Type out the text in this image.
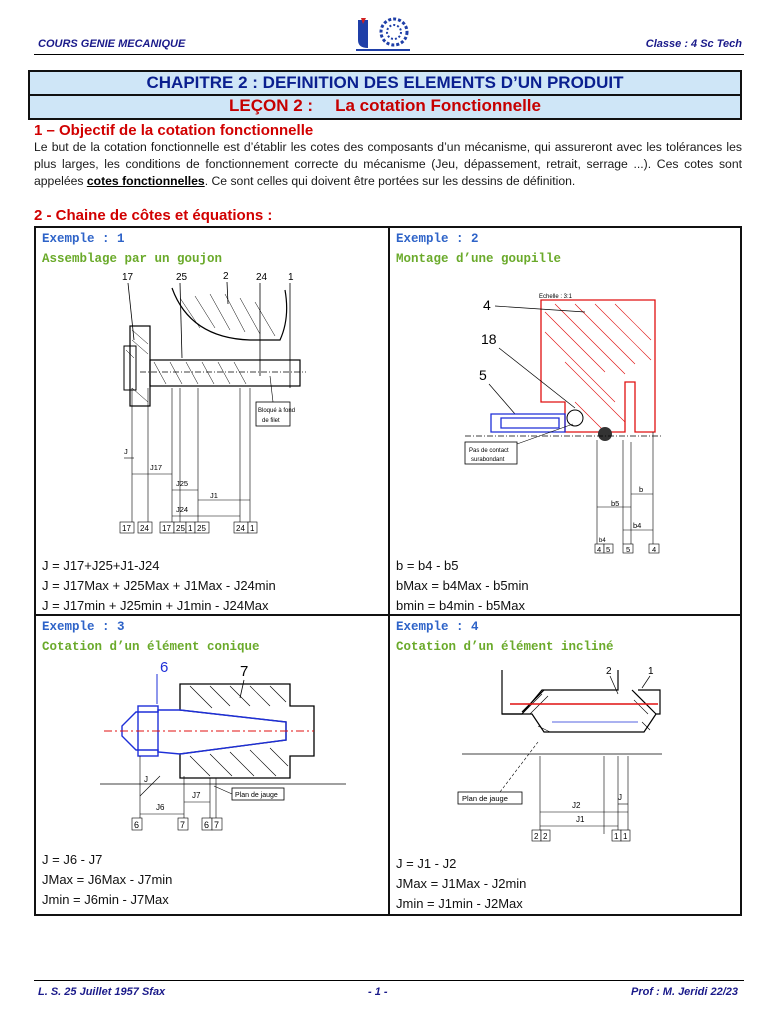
COURS GENIE MECANIQUE	Classe : 4 Sc Tech
CHAPITRE 2 : DEFINITION DES ELEMENTS D’UN PRODUIT
LEÇON 2 : La cotation Fonctionnelle
1 – Objectif de la cotation fonctionnelle
Le but de la cotation fonctionnelle est d’établir les cotes des composants d’un mécanisme, qui assureront avec les tolérances les plus larges, les conditions de fonctionnement correcte du mécanisme (Jeu, dépassement, retrait, serrage ...). Ces cotes sont appelées cotes fonctionnelles. Ce sont celles qui doivent être portées sur les dessins de définition.
2 - Chaine de côtes et équations :
Exemple : 1
Assemblage par un goujon
17	25	2	24 1
Bloqué à fond
de filet
J
J17
J25
J1
J24
17 24 17 25 1 25	24 1
J = J17+J25+J1-J24
J = J17Max + J25Max + J1Max - J24min
J = J17min + J25min + J1min - J24Max
Exemple : 2
Montage d’une goupille
Echelle : 3:1
4
18
5
Pas de contact
surabondant
b5
b
b4
b4
4 5 5	4
b = b4 - b5
bMax = b4Max - b5min
bmin = b4min - b5Max
Exemple : 3
Cotation d’un élément conique
6	7
J
J7
J6
Plan de jauge
6	7 6 7
J = J6 - J7
JMax = J6Max - J7min
Jmin = J6min - J7Max
Exemple : 4
Cotation d’un élément incliné
2	1
Plan de jauge
J2
J
J1
2 2	1 1
J = J1 - J2
JMax = J1Max - J2min
Jmin = J1min - J2Max
L. S. 25 Juillet 1957 Sfax	- 1 -	Prof : M. Jeridi 22/23
